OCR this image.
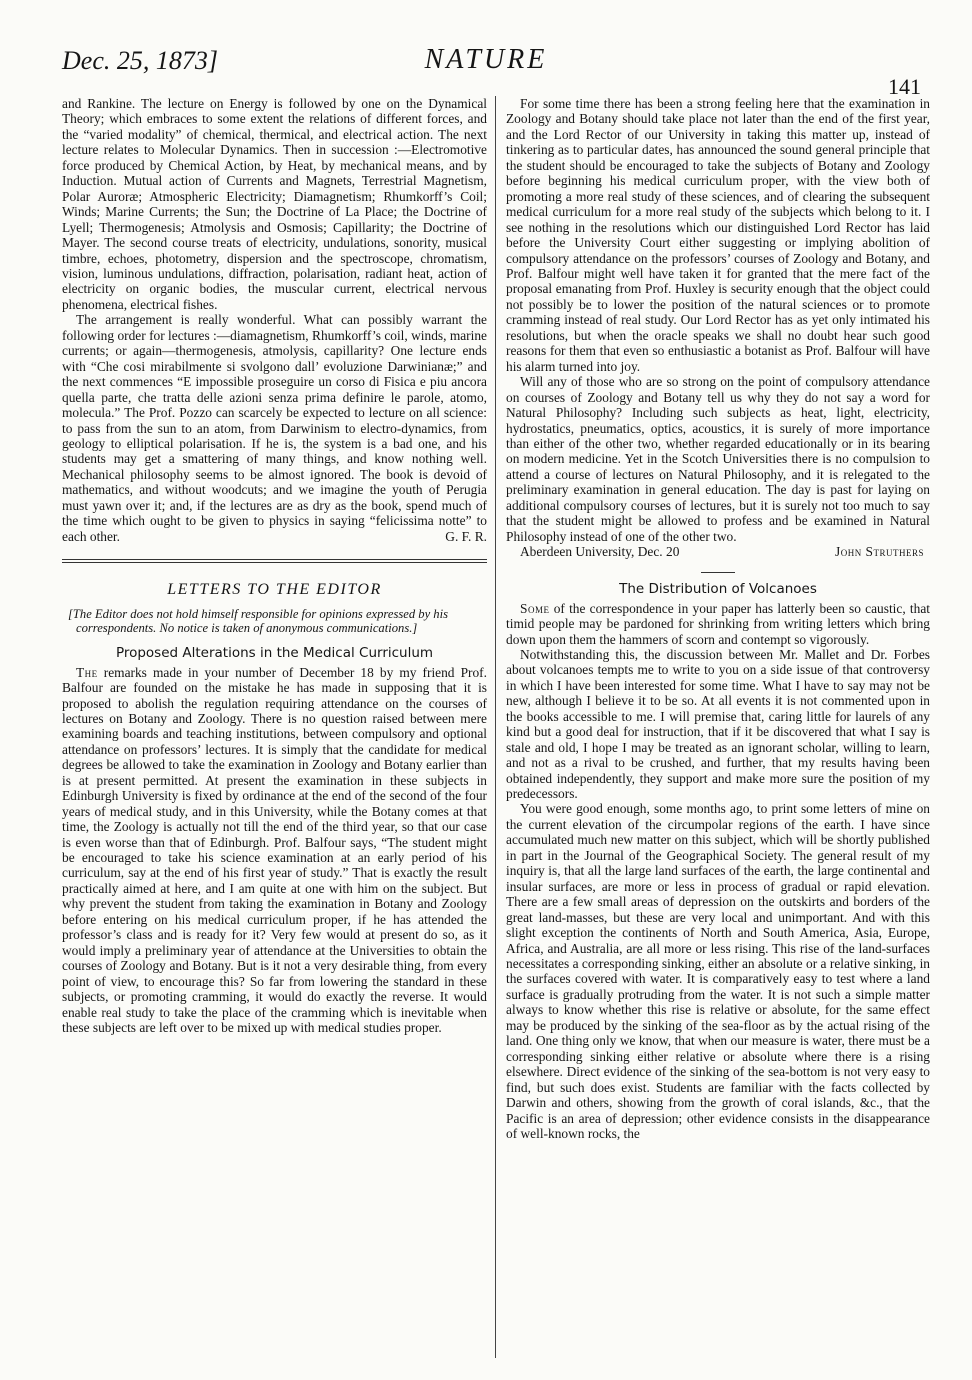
Dec. 25, 1873]	NATURE
141

and Rankine. The lecture on Energy is followed by one on the Dynamical Theory; which embraces to some extent the relations of different forces, and the “varied modality” of chemical, thermical, and electrical action. The next lecture relates to Molecular Dynamics. Then in succession :—Electromotive force produced by Chemical Action, by Heat, by mechanical means, and by Induction. Mutual action of Currents and Magnets, Terrestrial Magnetism, Polar Auroræ; Atmospheric Electricity; Diamagnetism; Rhumkorff’s Coil; Winds; Marine Currents; the Sun; the Doctrine of La Place; the Doctrine of Lyell; Thermogenesis; Atmolysis and Osmosis; Capillarity; the Doctrine of Mayer. The second course treats of electricity, undulations, sonority, musical timbre, echoes, photometry, dispersion and the spectroscope, chromatism, vision, luminous undulations, diffraction, polarisation, radiant heat, action of electricity on organic bodies, the muscular current, electrical nervous phenomena, electrical fishes.

The arrangement is really wonderful. What can possibly warrant the following order for lectures :—diamagnetism, Rhumkorff’s coil, winds, marine currents; or again—thermogenesis, atmolysis, capillarity? One lecture ends with “Che cosi mirabilmente si svolgono dall’ evoluzione Darwinianæ;” and the next commences “E impossible proseguire un corso di Fisica e piu ancora quella parte, che tratta delle azioni senza prima definire le parole, atomo, molecula.” The Prof. Pozzo can scarcely be expected to lecture on all science: to pass from the sun to an atom, from Darwinism to electro-dynamics, from geology to elliptical polarisation. If he is, the system is a bad one, and his students may get a smattering of many things, and know nothing well. Mechanical philosophy seems to be almost ignored. The book is devoid of mathematics, and without woodcuts; and we imagine the youth of Perugia must yawn over it; and, if the lectures are as dry as the book, spend much of the time which ought to be given to physics in saying “felicissima notte” to each other.	G. F. R.

LETTERS TO THE EDITOR

[The Editor does not hold himself responsible for opinions expressed by his correspondents. No notice is taken of anonymous communications.]

Proposed Alterations in the Medical Curriculum

The remarks made in your number of December 18 by my friend Prof. Balfour are founded on the mistake he has made in supposing that it is proposed to abolish the regulation requiring attendance on the courses of lectures on Botany and Zoology. There is no question raised between mere examining boards and teaching institutions, between compulsory and optional attendance on professors’ lectures. It is simply that the candidate for medical degrees be allowed to take the examination in Zoology and Botany earlier than is at present permitted. At present the examination in these subjects in Edinburgh University is fixed by ordinance at the end of the second of the four years of medical study, and in this University, while the Botany comes at that time, the Zoology is actually not till the end of the third year, so that our case is even worse than that of Edinburgh. Prof. Balfour says, “The student might be encouraged to take his science examination at an early period of his curriculum, say at the end of his first year of study.” That is exactly the result practically aimed at here, and I am quite at one with him on the subject. But why prevent the student from taking the examination in Botany and Zoology before entering on his medical curriculum proper, if he has attended the professor’s class and is ready for it? Very few would at present do so, as it would imply a preliminary year of attendance at the Universities to obtain the courses of Zoology and Botany. But is it not a very desirable thing, from every point of view, to encourage this? So far from lowering the standard in these subjects, or promoting cramming, it would do exactly the reverse. It would enable real study to take the place of the cramming which is inevitable when these subjects are left over to be mixed up with medical studies proper.

For some time there has been a strong feeling here that the examination in Zoology and Botany should take place not later than the end of the first year, and the Lord Rector of our University in taking this matter up, instead of tinkering as to particular dates, has announced the sound general principle that the student should be encouraged to take the subjects of Botany and Zoology before beginning his medical curriculum proper, with the view both of promoting a more real study of these sciences, and of clearing the subsequent medical curriculum for a more real study of the subjects which belong to it. I see nothing in the resolutions which our distinguished Lord Rector has laid before the University Court either suggesting or implying abolition of compulsory attendance on the professors’ courses of Zoology and Botany, and Prof. Balfour might well have taken it for granted that the mere fact of the proposal emanating from Prof. Huxley is security enough that the object could not possibly be to lower the position of the natural sciences or to promote cramming instead of real study. Our Lord Rector has as yet only intimated his resolutions, but when the oracle speaks we shall no doubt hear such good reasons for them that even so enthusiastic a botanist as Prof. Balfour will have his alarm turned into joy.

Will any of those who are so strong on the point of compulsory attendance on courses of Zoology and Botany tell us why they do not say a word for Natural Philosophy? Including such subjects as heat, light, electricity, hydrostatics, pneumatics, optics, acoustics, it is surely of more importance than either of the other two, whether regarded educationally or in its bearing on modern medicine. Yet in the Scotch Universities there is no compulsion to attend a course of lectures on Natural Philosophy, and it is relegated to the preliminary examination in general education. The day is past for laying on additional compulsory courses of lectures, but it is surely not too much to say that the student might be allowed to profess and be examined in Natural Philosophy instead of one of the other two.

Aberdeen University, Dec. 20	John Struthers
The Distribution of Volcanoes

Some of the correspondence in your paper has latterly been so caustic, that timid people may be pardoned for shrinking from writing letters which bring down upon them the hammers of scorn and contempt so vigorously.

Notwithstanding this, the discussion between Mr. Mallet and Dr. Forbes about volcanoes tempts me to write to you on a side issue of that controversy in which I have been interested for some time. What I have to say may not be new, although I believe it to be so. At all events it is not commented upon in the books accessible to me. I will premise that, caring little for laurels of any kind but a good deal for instruction, that if it be discovered that what I say is stale and old, I hope I may be treated as an ignorant scholar, willing to learn, and not as a rival to be crushed, and further, that my results having been obtained independently, they support and make more sure the position of my predecessors.

You were good enough, some months ago, to print some letters of mine on the current elevation of the circumpolar regions of the earth. I have since accumulated much new matter on this subject, which will be shortly published in part in the Journal of the Geographical Society. The general result of my inquiry is, that all the large land surfaces of the earth, the large continental and insular surfaces, are more or less in process of gradual or rapid elevation. There are a few small areas of depression on the outskirts and borders of the great land-masses, but these are very local and unimportant. And with this slight exception the continents of North and South America, Asia, Europe, Africa, and Australia, are all more or less rising. This rise of the land-surfaces necessitates a corresponding sinking, either an absolute or a relative sinking, in the surfaces covered with water. It is comparatively easy to test where a land surface is gradually protruding from the water. It is not such a simple matter always to know whether this rise is relative or absolute, for the same effect may be produced by the sinking of the sea-floor as by the actual rising of the land. One thing only we know, that when our measure is water, there must be a corresponding sinking either relative or absolute where there is a rising elsewhere. Direct evidence of the sinking of the sea-bottom is not very easy to find, but such does exist. Students are familiar with the facts collected by Darwin and others, showing from the growth of coral islands, &c., that the Pacific is an area of depression; other evidence consists in the disappearance of well-known rocks, the
